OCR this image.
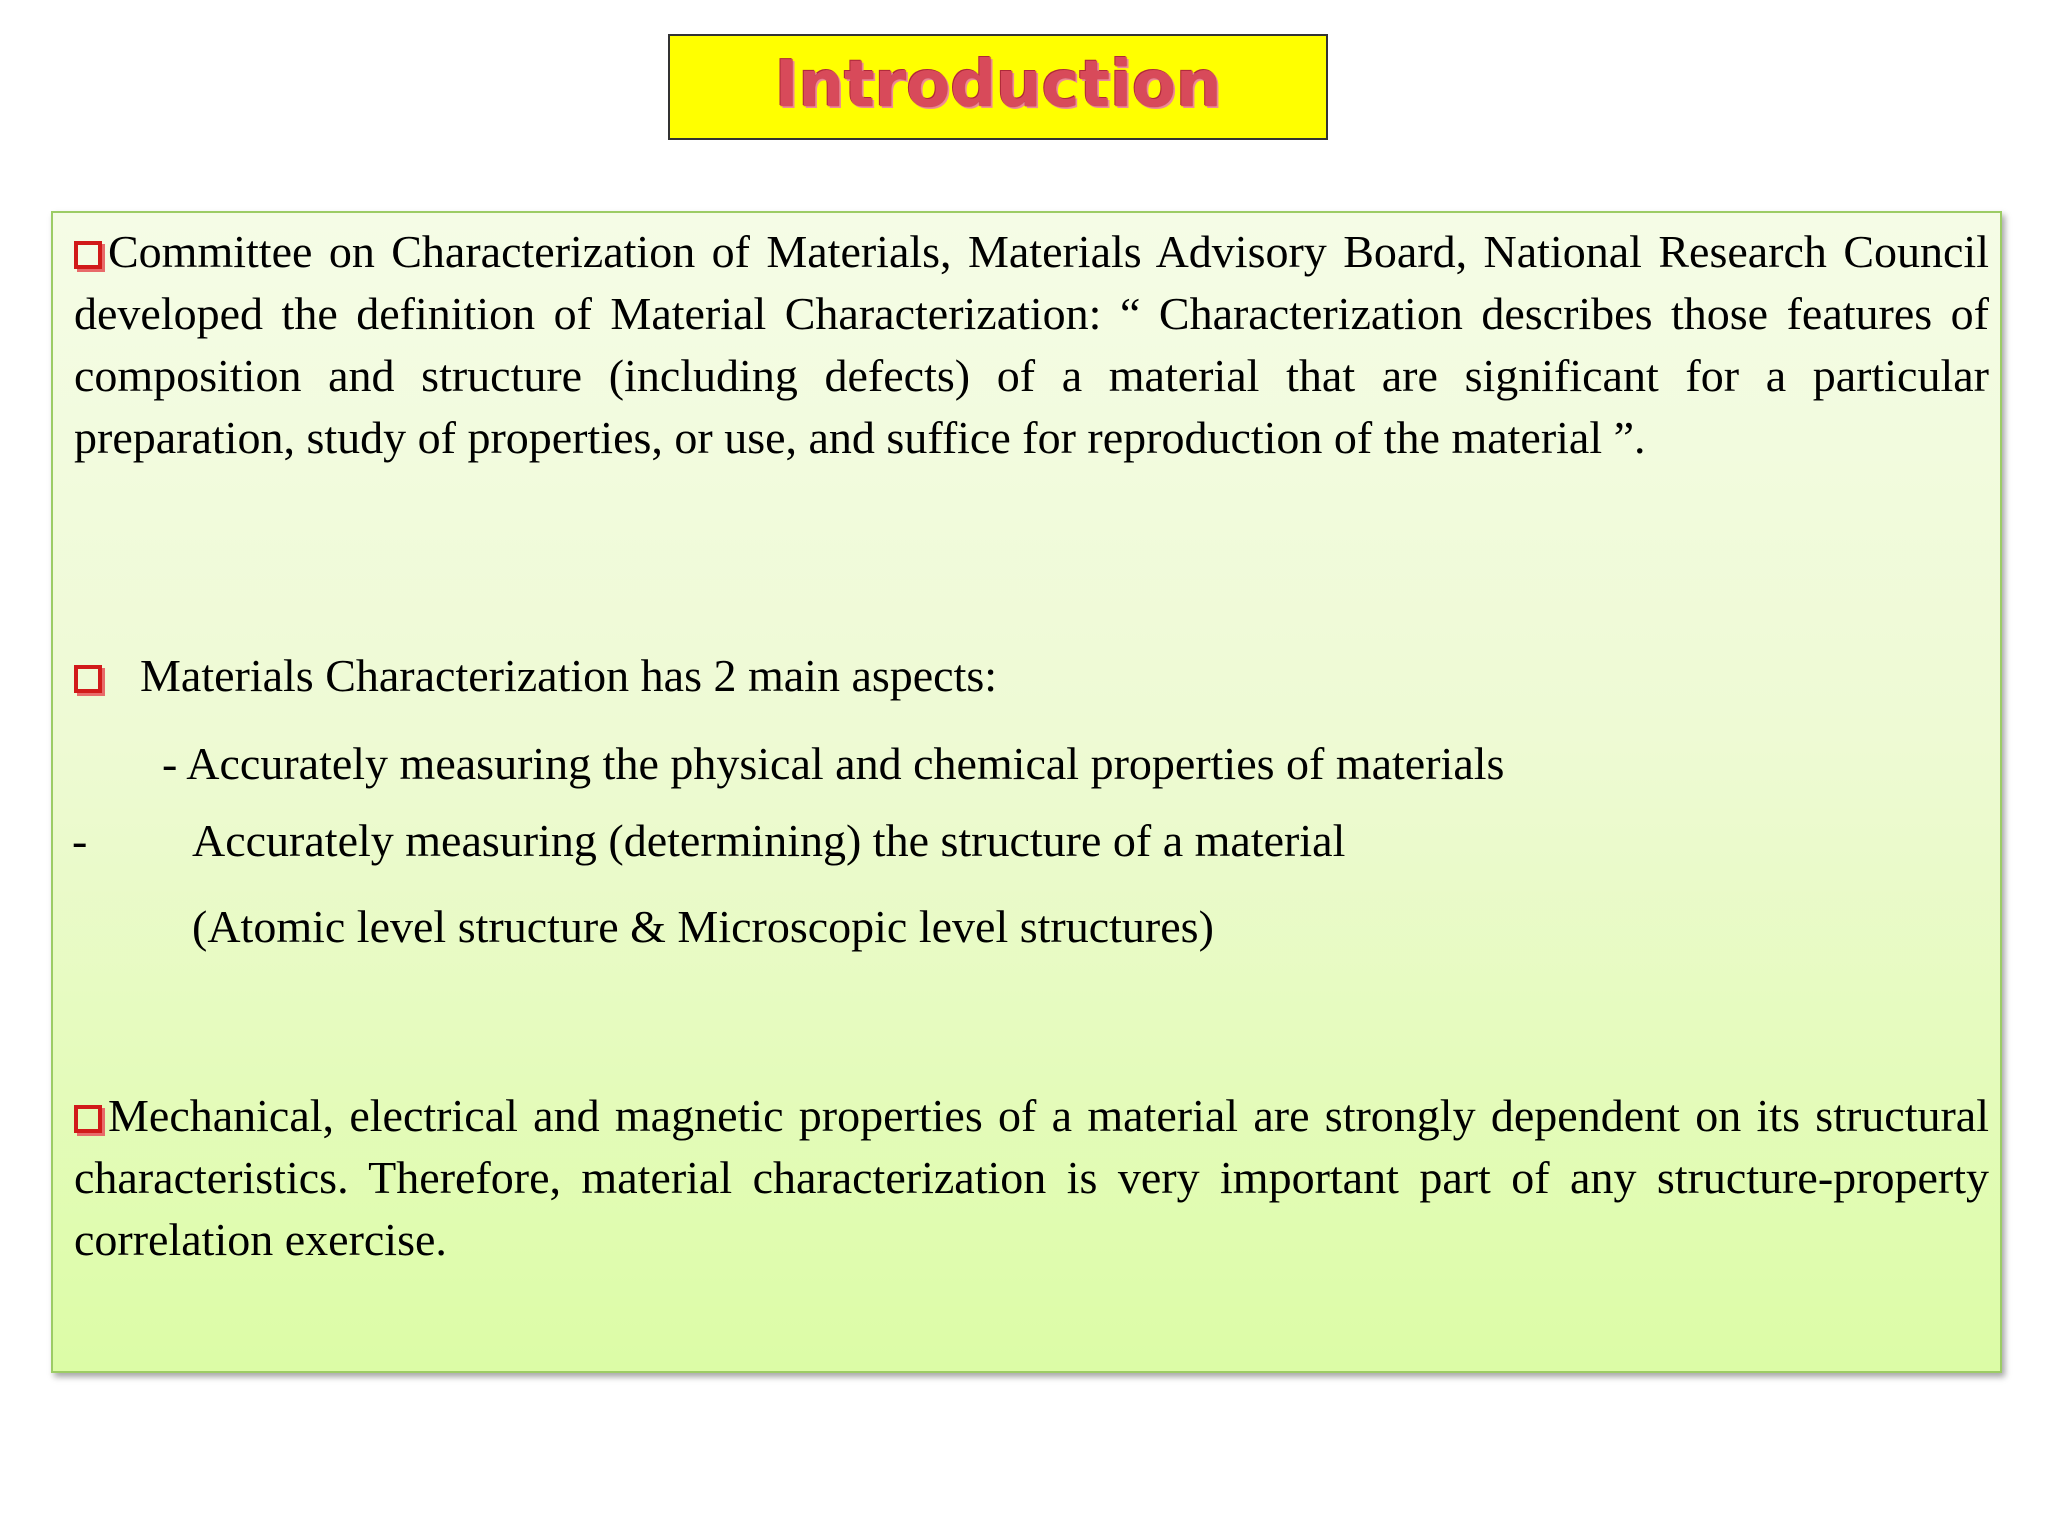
Introduction
Committee on Characterization of Materials, Materials Advisory Board, National Research Council developed the definition of Material Characterization: “ Characterization describes those features of composition and structure (including defects) of a material that are significant for a particular preparation, study of properties, or use, and suffice for reproduction of the material ”.
Materials Characterization has 2 main aspects:
- Accurately measuring the physical and chemical properties of materials
- Accurately measuring (determining) the structure of a material
(Atomic level structure & Microscopic level structures)
Mechanical, electrical and magnetic properties of a material are strongly dependent on its structural characteristics. Therefore, material characterization is very important part of any structure-property correlation exercise.
